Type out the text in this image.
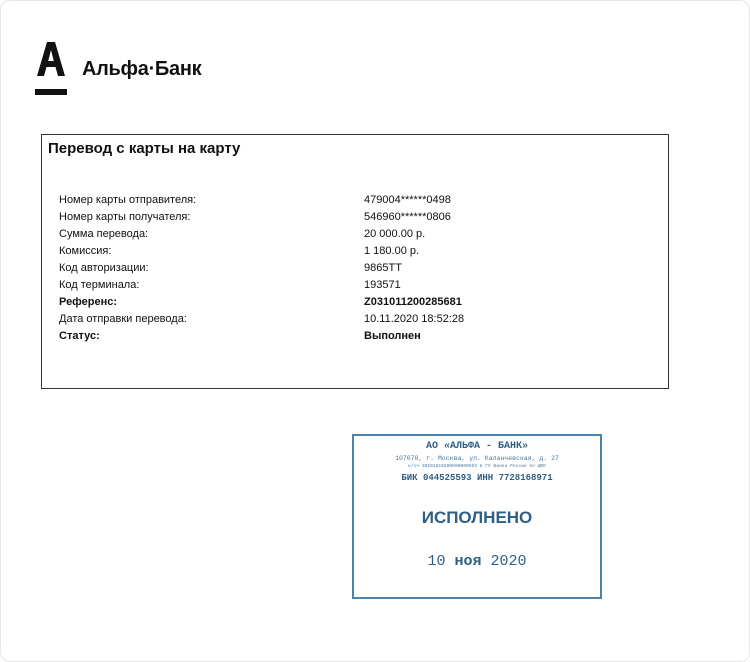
Альфа·Банк
Перевод с карты на карту
Номер карты отправителя:	479004******0498
Номер карты получателя:	546960******0806
Сумма перевода:	20 000.00 р.
Комиссия:	1 180.00 р.
Код авторизации:	9865TT
Код терминала:	193571
Референс:	Z031011200285681
Дата отправки перевода:	10.11.2020 18:52:28
Статус:	Выполнен
АО «АЛЬФА - БАНК»
107078, г. Москва, ул. Каланчевская, д. 27
к/сч 30101810200000000593 в ГУ Банка России по ЦФО
БИК 044525593 ИНН 7728168971
ИСПОЛНЕНО
10 ноя 2020
